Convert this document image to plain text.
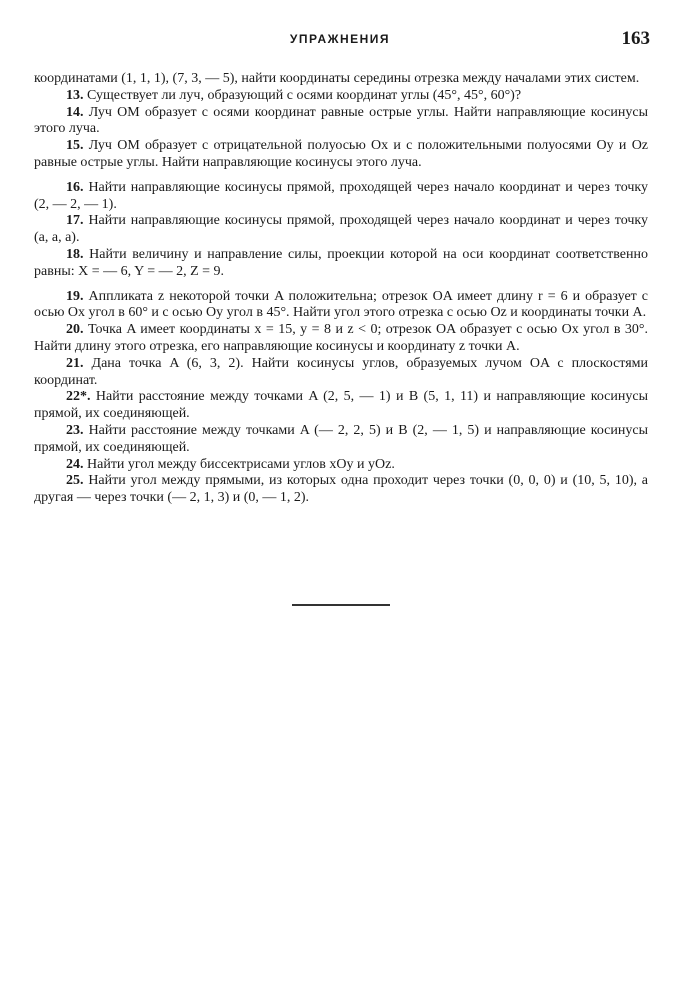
УПРАЖНЕНИЯ	163

координатами (1, 1, 1), (7, 3, — 5), найти координаты середины отрезка между началами этих систем.

13. Существует ли луч, образующий с осями координат углы (45°, 45°, 60°)?

14. Луч OM образует с осями координат равные острые углы. Найти направляющие косинусы этого луча.

15. Луч OM образует с отрицательной полуосью Ox и с положительными полуосями Oy и Oz равные острые углы. Найти направляющие косинусы этого луча.

16. Найти направляющие косинусы прямой, проходящей через начало координат и через точку (2, — 2, — 1).

17. Найти направляющие косинусы прямой, проходящей через начало координат и через точку (a, a, a).

18. Найти величину и направление силы, проекции которой на оси координат соответственно равны: X = — 6, Y = — 2, Z = 9.

19. Аппликата z некоторой точки A положительна; отрезок OA имеет длину r = 6 и образует с осью Ox угол в 60° и с осью Oy угол в 45°. Найти угол этого отрезка с осью Oz и координаты точки A.

20. Точка A имеет координаты x = 15, y = 8 и z < 0; отрезок OA образует с осью Ox угол в 30°. Найти длину этого отрезка, его направляющие косинусы и координату z точки A.

21. Дана точка A (6, 3, 2). Найти косинусы углов, образуемых лучом OA с плоскостями координат.

22*. Найти расстояние между точками A (2, 5, — 1) и B (5, 1, 11) и направляющие косинусы прямой, их соединяющей.

23. Найти расстояние между точками A (— 2, 2, 5) и B (2, — 1, 5) и направляющие косинусы прямой, их соединяющей.

24. Найти угол между биссектрисами углов xOy и yOz.

25. Найти угол между прямыми, из которых одна проходит через точки (0, 0, 0) и (10, 5, 10), а другая — через точки (— 2, 1, 3) и (0, — 1, 2).
